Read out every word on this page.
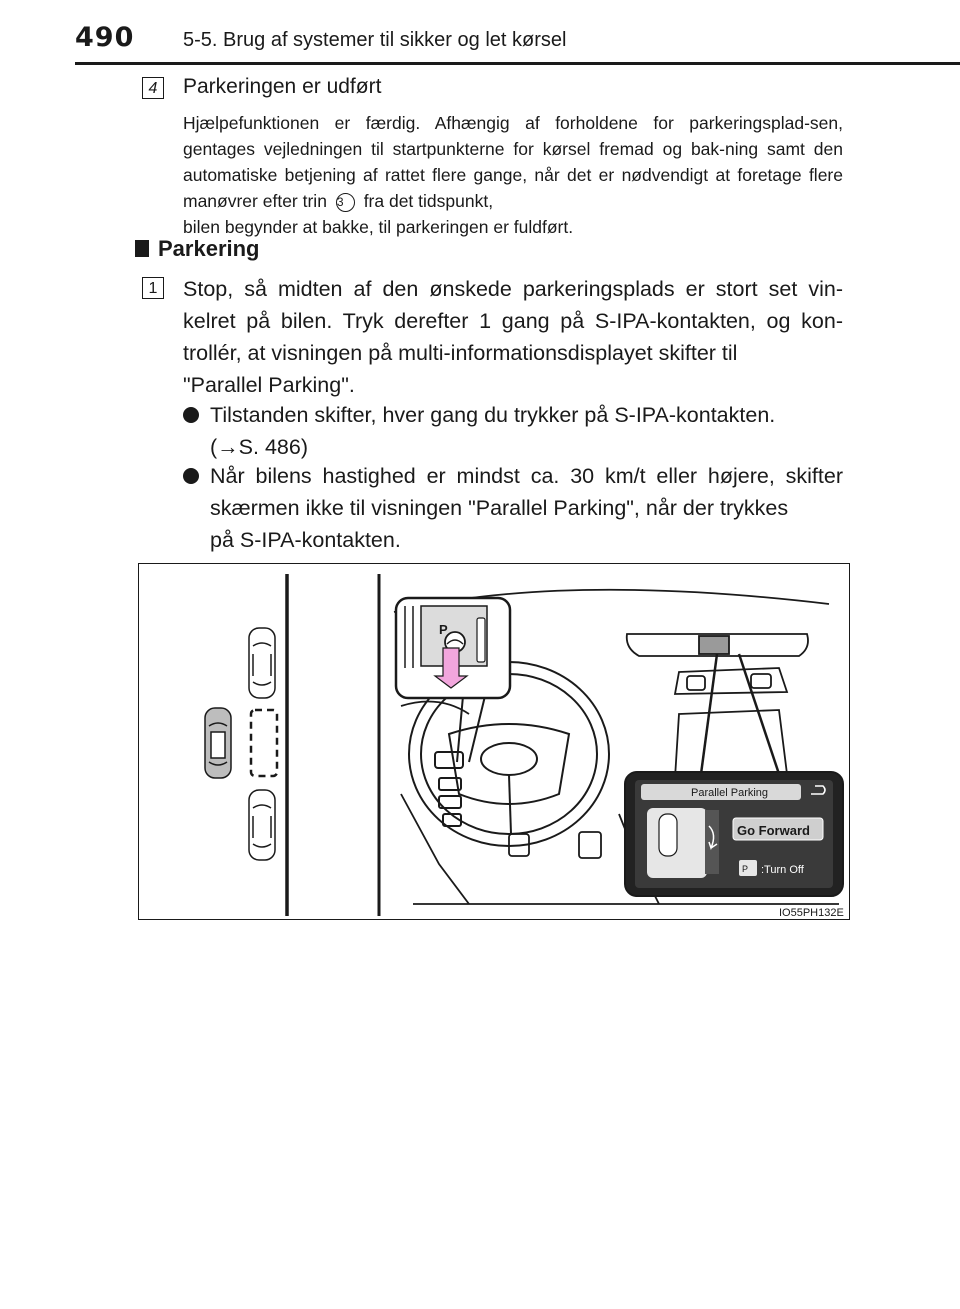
490 5-5. Brug af systemer til sikker og let kørsel
4	Parkeringen er udført
Hjælpefunktionen er færdig. Afhængig af forholdene for parkeringsplad-sen, gentages vejledningen til startpunkterne for kørsel fremad og bak-ning samt den automatiske betjening af rattet flere gange, når det er nødvendigt at foretage flere manøvrer efter trin 3 fra det tidspunkt,
bilen begynder at bakke, til parkeringen er fuldført.
Parkering
1	Stop, så midten af den ønskede parkeringsplads er stort set vin-kelret på bilen. Tryk derefter 1 gang på S-IPA-kontakten, og kon-trollér, at visningen på multi-informationsdisplayet skifter til
"Parallel Parking".
Tilstanden skifter, hver gang du trykker på S-IPA-kontakten.
(→S. 486)
Når bilens hastighed er mindst ca. 30 km/t eller højere, skifter skærmen ikke til visningen "Parallel Parking", når der trykkes
på S-IPA-kontakten.
P
Parallel Parking
Go Forward
P :Turn Off
IO55PH132E
